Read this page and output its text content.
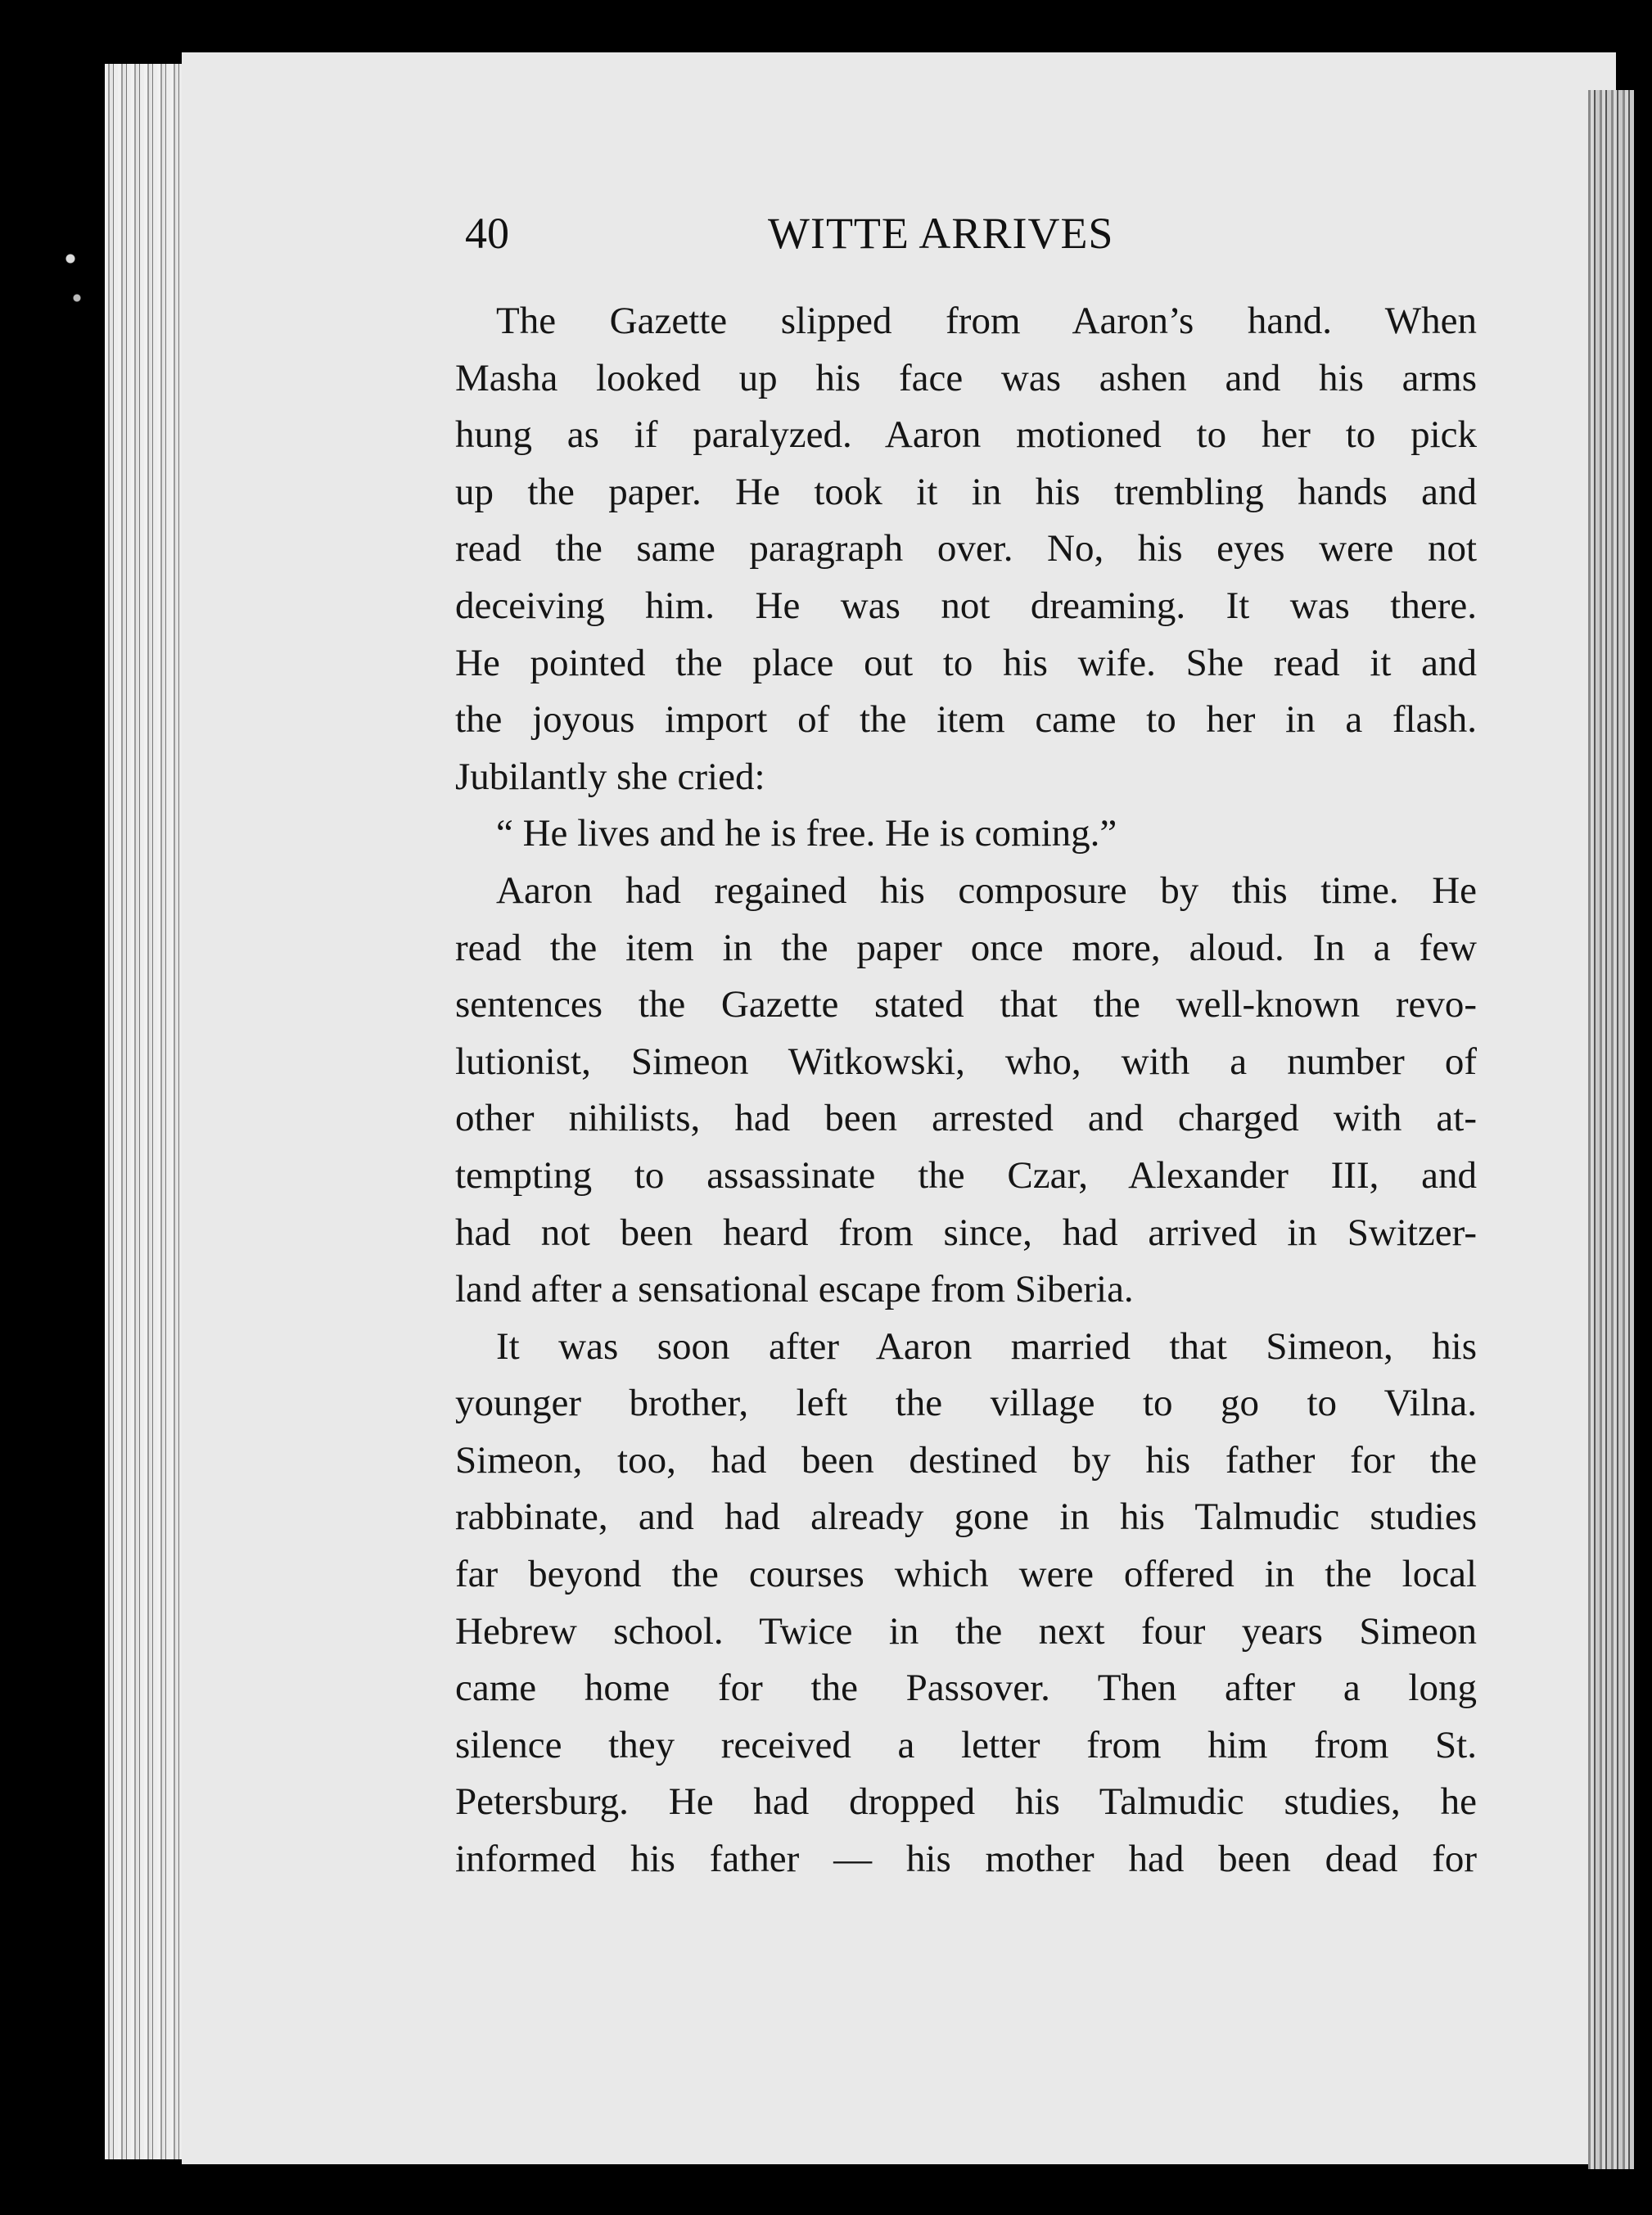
40	WITTE ARRIVES
The Gazette slipped from Aaron’s hand. When
Masha looked up his face was ashen and his arms
hung as if paralyzed. Aaron motioned to her to pick
up the paper. He took it in his trembling hands and
read the same paragraph over. No, his eyes were not
deceiving him. He was not dreaming. It was there.
He pointed the place out to his wife. She read it and
the joyous import of the item came to her in a flash.
Jubilantly she cried:
“ He lives and he is free. He is coming.”
Aaron had regained his composure by this time. He
read the item in the paper once more, aloud. In a few
sentences the Gazette stated that the well-known revo-
lutionist, Simeon Witkowski, who, with a number of
other nihilists, had been arrested and charged with at-
tempting to assassinate the Czar, Alexander III, and
had not been heard from since, had arrived in Switzer-
land after a sensational escape from Siberia.
It was soon after Aaron married that Simeon, his
younger brother, left the village to go to Vilna.
Simeon, too, had been destined by his father for the
rabbinate, and had already gone in his Talmudic studies
far beyond the courses which were offered in the local
Hebrew school. Twice in the next four years Simeon
came home for the Passover. Then after a long
silence they received a letter from him from St.
Petersburg. He had dropped his Talmudic studies, he
informed his father — his mother had been dead for
